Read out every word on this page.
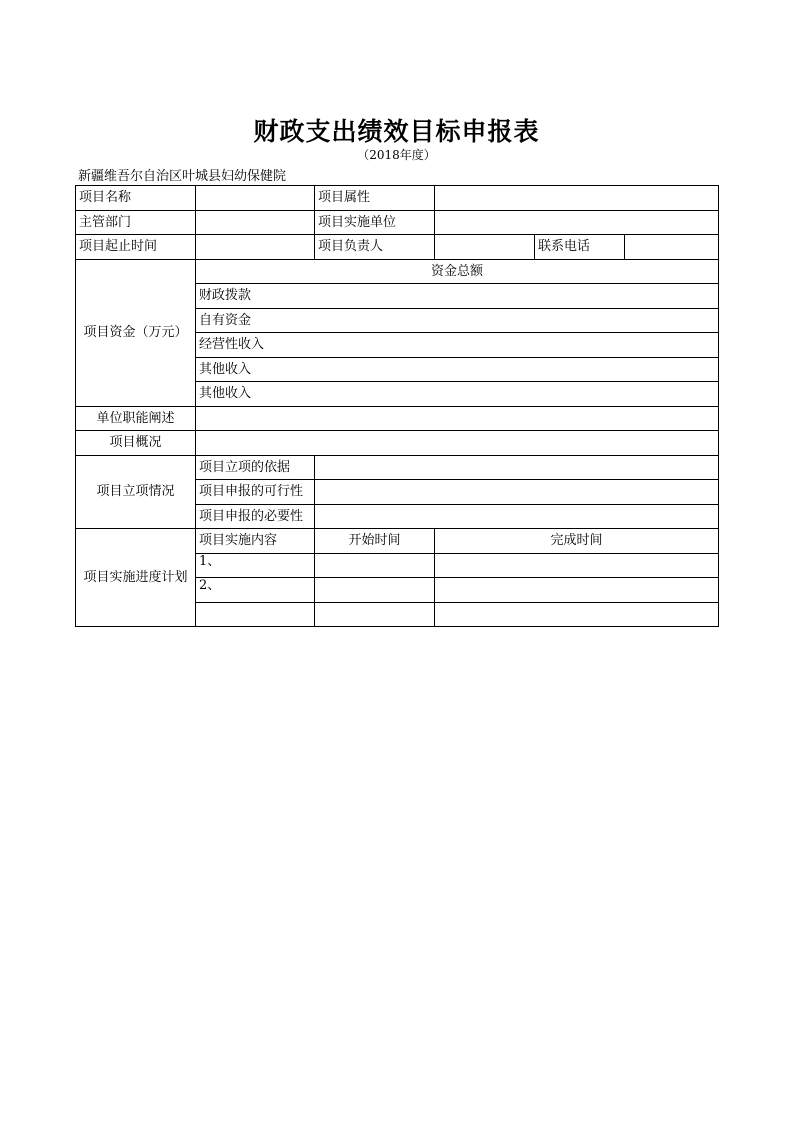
财政支出绩效目标申报表
（2018年度）
新疆维吾尔自治区叶城县妇幼保健院
项目名称		项目属性			
主管部门		项目实施单位			
项目起止时间		项目负责人		联系电话	
项目资金（万元）	资金总额				
	财政拨款				
	自有资金				
	经营性收入				
	其他收入				
	其他收入				
单位职能阐述					
项目概况					
项目立项情况	项目立项的依据				
	项目申报的可行性				
	项目申报的必要性				
项目实施进度计划	项目实施内容	开始时间	完成时间		
	1、				
	2、				
